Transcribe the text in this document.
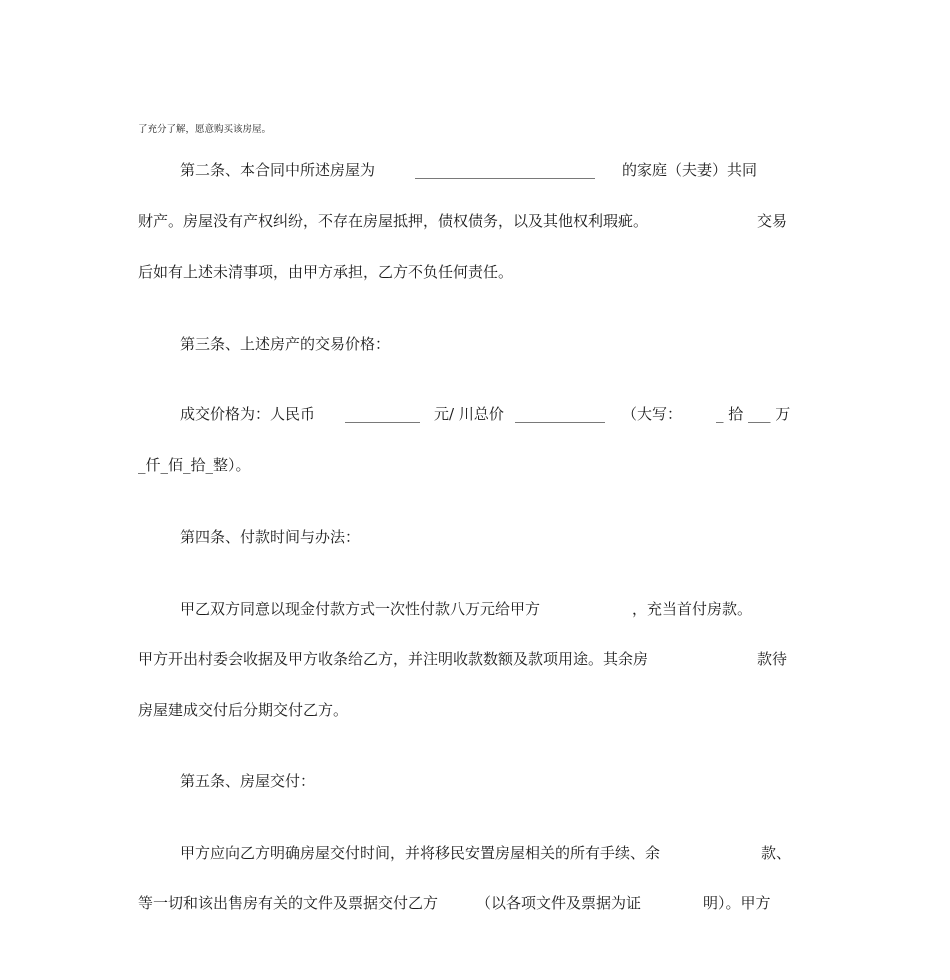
了充分了解，愿意购买该房屋。
第二条、本合同中所述房屋为	________________________ 的家庭（夫妻）共同
财产。房屋没有产权纠纷，不存在房屋抵押，债权债务，以及其他权利瑕疵。	交易
后如有上述未清事项，由甲方承担，乙方不负任何责任。
第三条、上述房产的交易价格：
成交价格为：人民币 __________ 元/ 川总价 ____________ （大写： _ 拾 ___ 万
_仟_佰_拾_整）。
第四条、付款时间与办法：
甲乙双方同意以现金付款方式一次性付款八万元给甲方	，充当首付房款。
甲方开出村委会收据及甲方收条给乙方，并注明收款数额及款项用途。其余房	款待
房屋建成交付后分期交付乙方。
第五条、房屋交付：
甲方应向乙方明确房屋交付时间，并将移民安置房屋相关的所有手续、余	款、
等一切和该出售房有关的文件及票据交付乙方	（以各项文件及票据为证	明）。甲方
